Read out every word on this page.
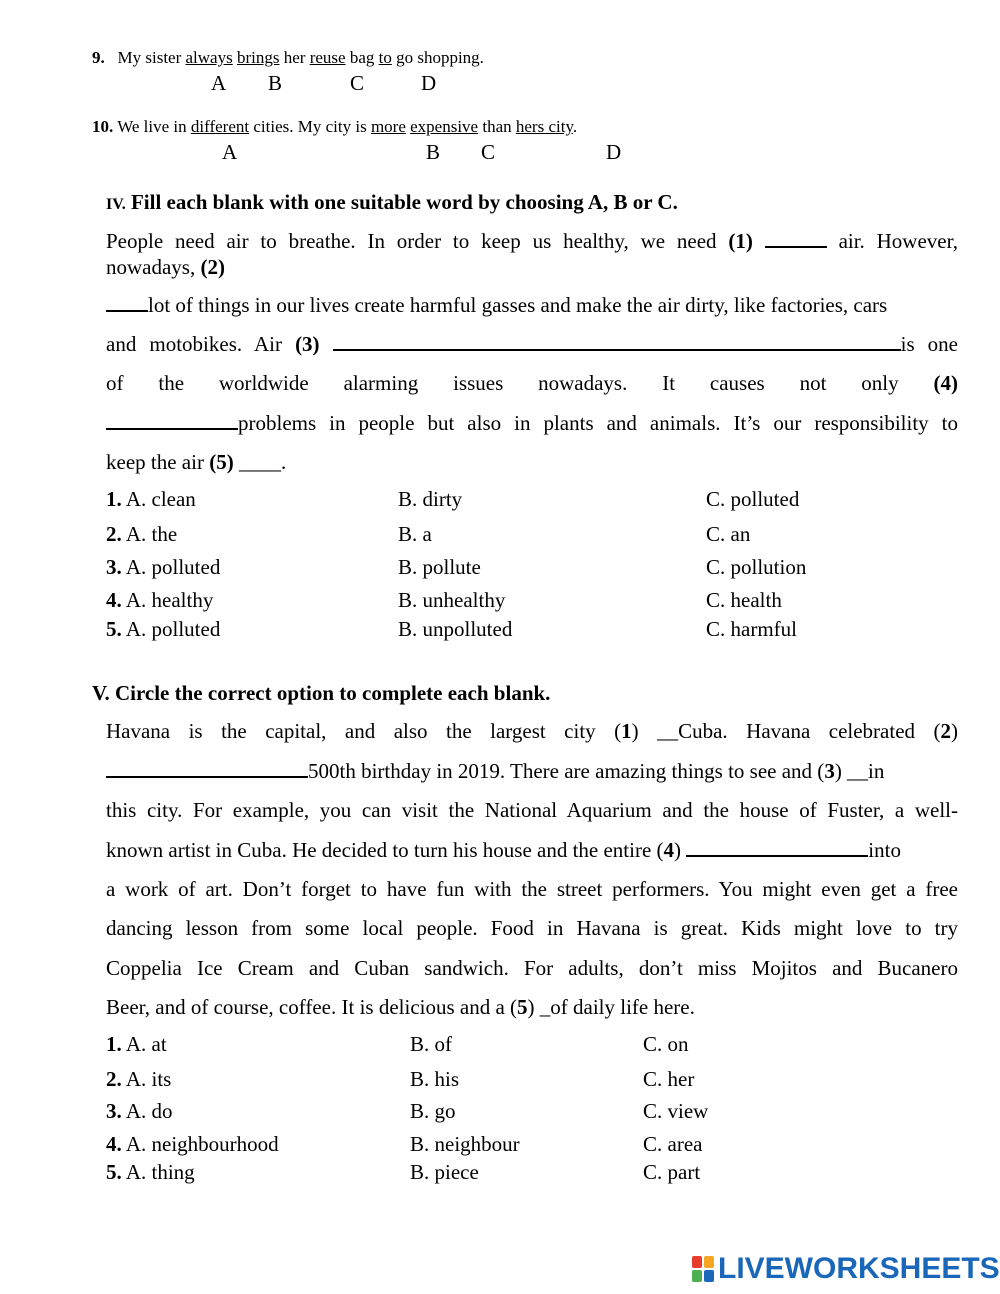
9. My sister always brings her reuse bag to go shopping.
A B	C	D
10. We live in different cities. My city is more expensive than hers city.
A	B C	D
IV. Fill each blank with one suitable word by choosing A, B or C.
People need air to breathe. In order to keep us healthy, we need (1)	air. However,
nowadays, (2)
lot of things in our lives create harmful gasses and make the air dirty, like factories, cars
and motobikes. Air (3)	is one
of the worldwide alarming issues nowadays. It causes not only (4)
problems in people but also in plants and animals. It’s our responsibility to
keep the air (5) ____.
1. A. clean	B. dirty	C. polluted
2. A. the	B. a	C. an
3. A. polluted	B. pollute	C. pollution
4. A. healthy	B. unhealthy	C. health
5. A. polluted	B. unpolluted	C. harmful
V. Circle the correct option to complete each blank.
Havana is the capital, and also the largest city (1) __Cuba. Havana celebrated (2)
500th birthday in 2019. There are amazing things to see and (3) __in
this city. For example, you can visit the National Aquarium and the house of Fuster, a well-
known artist in Cuba. He decided to turn his house and the entire (4)	into
a work of art. Don’t forget to have fun with the street performers. You might even get a free
dancing lesson from some local people. Food in Havana is great. Kids might love to try
Coppelia Ice Cream and Cuban sandwich. For adults, don’t miss Mojitos and Bucanero
Beer, and of course, coffee. It is delicious and a (5) _of daily life here.
1. A. at	B. of	C. on
2. A. its	B. his	C. her
3. A. do	B. go	C. view
4. A. neighbourhood	B. neighbour	C. area
5. A. thing	B. piece	C. part
LIVEWORKSHEETS
